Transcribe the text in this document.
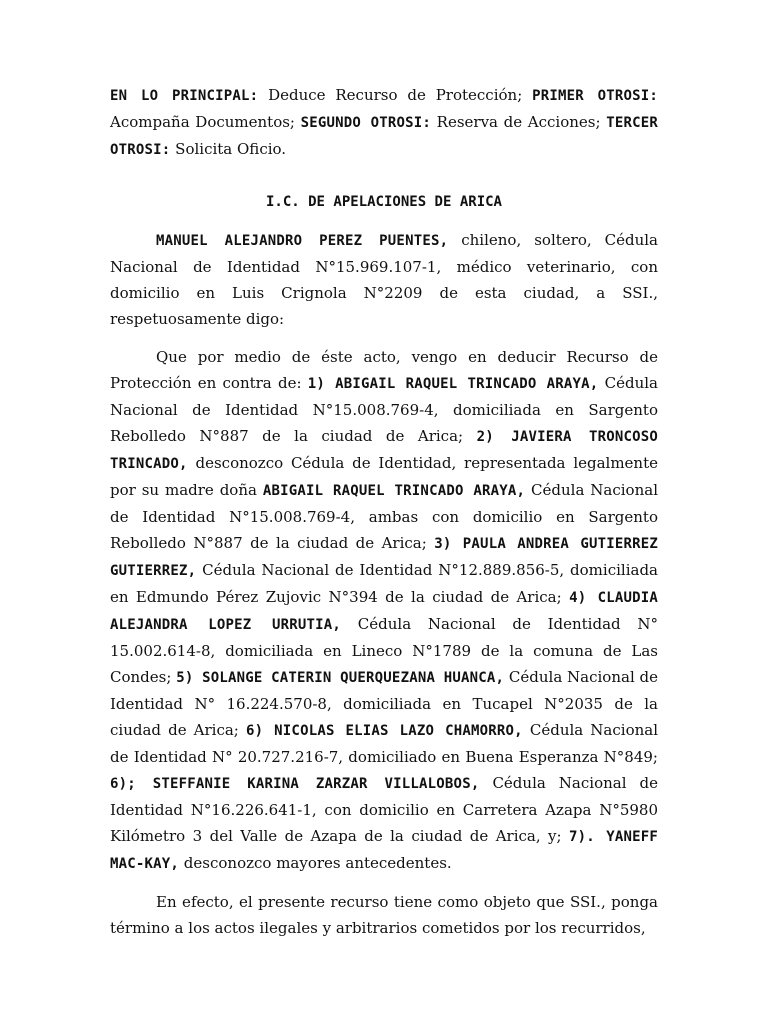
EN LO PRINCIPAL: Deduce Recurso de Protección; PRIMER OTROSI: Acompaña Documentos; SEGUNDO OTROSI: Reserva de Acciones; TERCER OTROSI: Solicita Oficio.

I.C. DE APELACIONES DE ARICA

MANUEL ALEJANDRO PEREZ PUENTES, chileno, soltero, Cédula Nacional de Identidad N°15.969.107-1, médico veterinario, con domicilio en Luis Crignola N°2209 de esta ciudad, a SSI., respetuosamente digo:

Que por medio de éste acto, vengo en deducir Recurso de Protección en contra de: 1) ABIGAIL RAQUEL TRINCADO ARAYA, Cédula Nacional de Identidad N°15.008.769-4, domiciliada en Sargento Rebolledo N°887 de la ciudad de Arica; 2) JAVIERA TRONCOSO TRINCADO, desconozco Cédula de Identidad, representada legalmente por su madre doña ABIGAIL RAQUEL TRINCADO ARAYA, Cédula Nacional de Identidad N°15.008.769-4, ambas con domicilio en Sargento Rebolledo N°887 de la ciudad de Arica; 3) PAULA ANDREA GUTIERREZ GUTIERREZ, Cédula Nacional de Identidad N°12.889.856-5, domiciliada en Edmundo Pérez Zujovic N°394 de la ciudad de Arica; 4) CLAUDIA ALEJANDRA LOPEZ URRUTIA, Cédula Nacional de Identidad N° 15.002.614-8, domiciliada en Lineco N°1789 de la comuna de Las Condes; 5) SOLANGE CATERIN QUERQUEZANA HUANCA, Cédula Nacional de Identidad N° 16.224.570-8, domiciliada en Tucapel N°2035 de la ciudad de Arica; 6) NICOLAS ELIAS LAZO CHAMORRO, Cédula Nacional de Identidad N° 20.727.216-7, domiciliado en Buena Esperanza N°849; 6); STEFFANIE KARINA ZARZAR VILLALOBOS, Cédula Nacional de Identidad N°16.226.641-1, con domicilio en Carretera Azapa N°5980 Kilómetro 3 del Valle de Azapa de la ciudad de Arica, y; 7). YANEFF MAC-KAY, desconozco mayores antecedentes.

En efecto, el presente recurso tiene como objeto que SSI., ponga término a los actos ilegales y arbitrarios cometidos por los recurridos,
